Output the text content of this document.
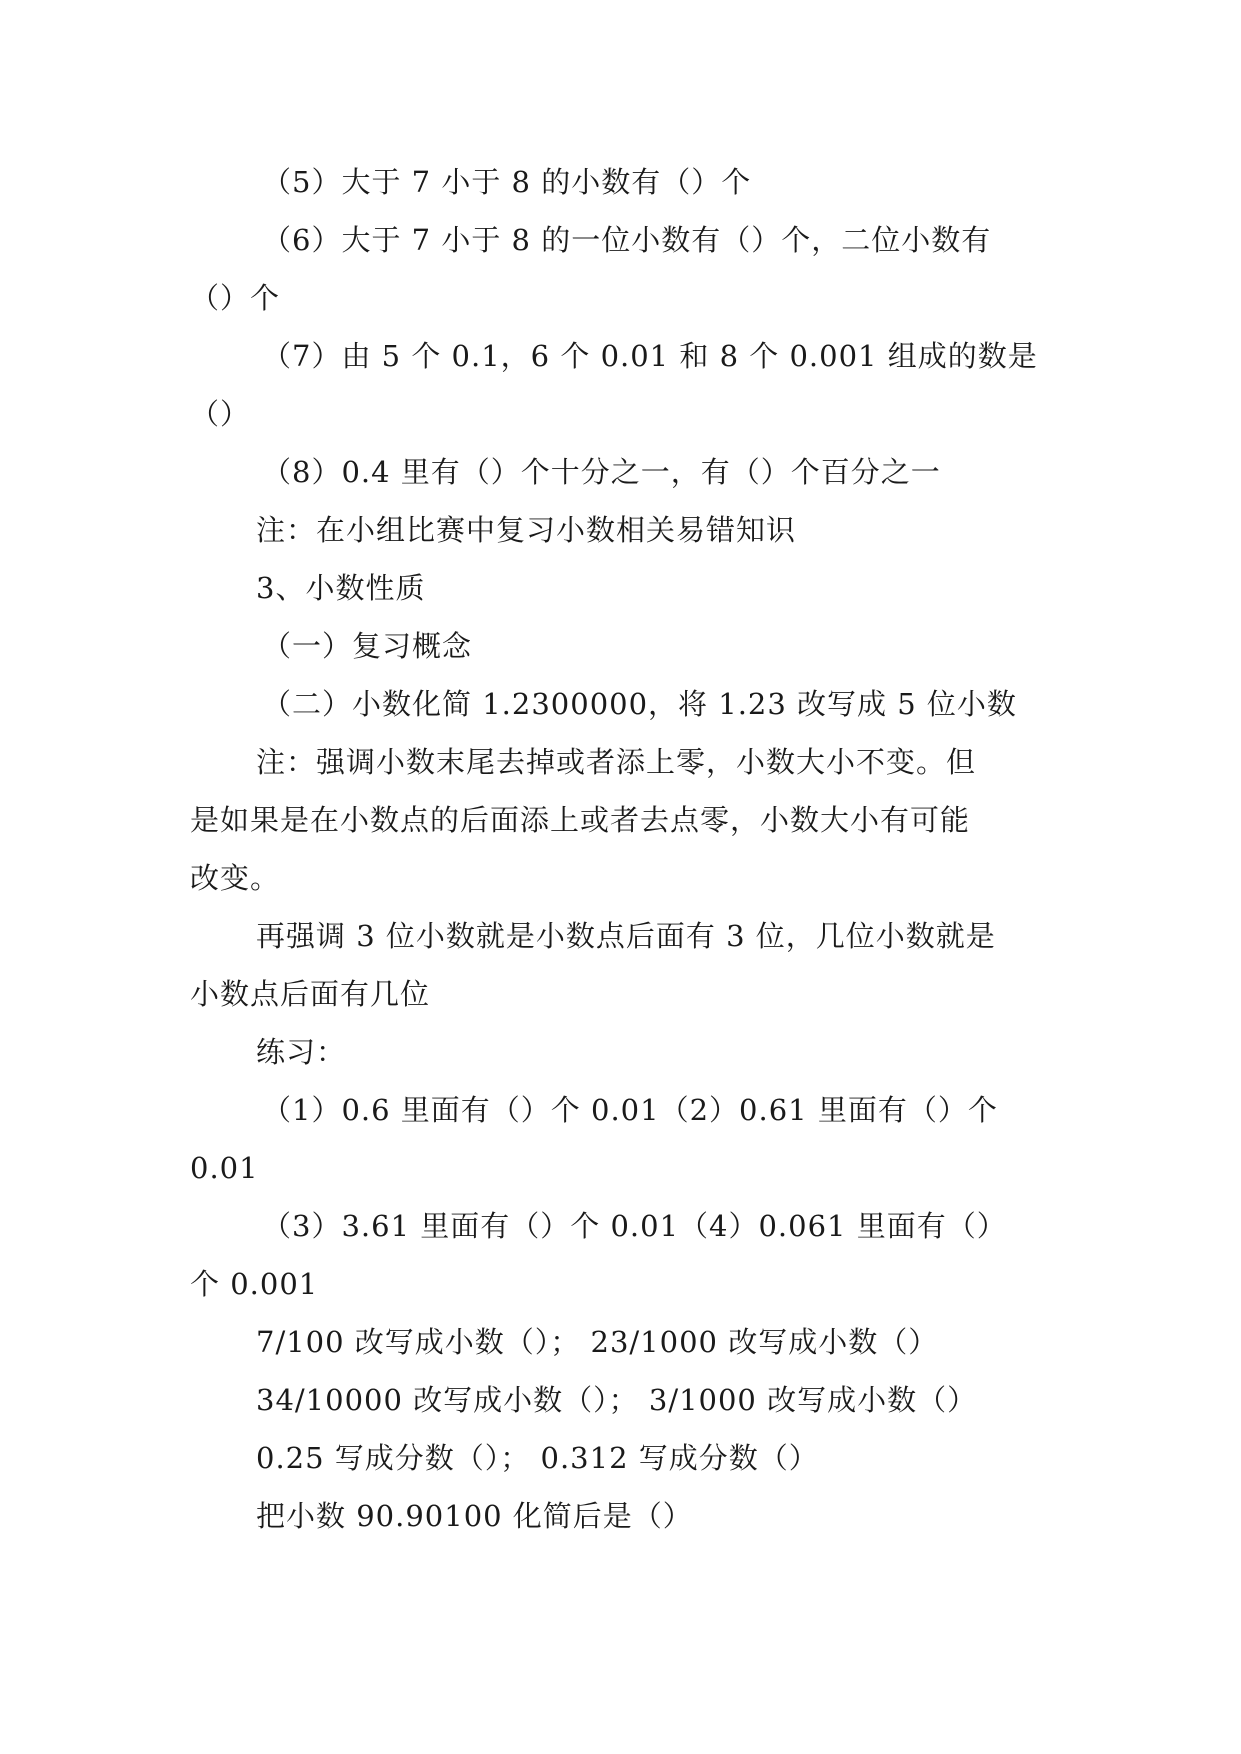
（5）大于 7 小于 8 的小数有（）个
（6）大于 7 小于 8 的一位小数有（）个，二位小数有
（）个
（7）由 5 个 0.1，6 个 0.01 和 8 个 0.001 组成的数是
（）
（8）0.4 里有（）个十分之一，有（）个百分之一
注：在小组比赛中复习小数相关易错知识
3、小数性质
（一）复习概念
（二）小数化简 1.2300000，将 1.23 改写成 5 位小数
注：强调小数末尾去掉或者添上零，小数大小不变。但
是如果是在小数点的后面添上或者去点零，小数大小有可能
改变。
再强调 3 位小数就是小数点后面有 3 位，几位小数就是
小数点后面有几位
练习：
（1）0.6 里面有（）个 0.01（2）0.61 里面有（）个
0.01
（3）3.61 里面有（）个 0.01（4）0.061 里面有（）
个 0.001
7/100 改写成小数（）； 23/1000 改写成小数（）
34/10000 改写成小数（）； 3/1000 改写成小数（）
0.25 写成分数（）； 0.312 写成分数（）
把小数 90.90100 化简后是（）
